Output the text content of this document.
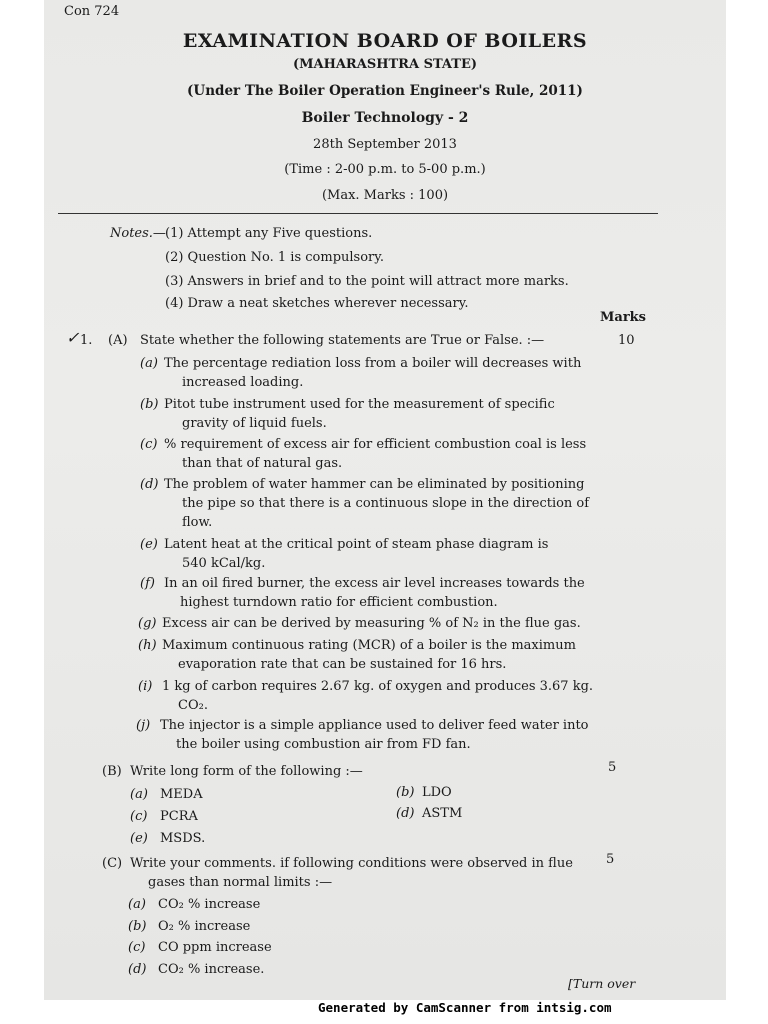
Con 724
EXAMINATION BOARD OF BOILERS
(MAHARASHTRA STATE)
(Under The Boiler Operation Engineer's Rule, 2011)
Boiler Technology - 2
28th September 2013
(Time : 2-00 p.m. to 5-00 p.m.)
(Max. Marks : 100)
Notes.— (1) Attempt any Five questions.
(2) Question No. 1 is compulsory.
(3) Answers in brief and to the point will attract more marks.
(4) Draw a neat sketches wherever necessary.
Marks
✓ 1. (A) State whether the following statements are True or False. :—	10
(a) The percentage rediation loss from a boiler will decreases with
increased loading.
(b) Pitot tube instrument used for the measurement of specific
gravity of liquid fuels.
(c) % requirement of excess air for efficient combustion coal is less
than that of natural gas.
(d) The problem of water hammer can be eliminated by positioning
the pipe so that there is a continuous slope in the direction of
flow.
(e) Latent heat at the critical point of steam phase diagram is
540 kCal/kg.
(f) In an oil fired burner, the excess air level increases towards the
highest turndown ratio for efficient combustion.
(g) Excess air can be derived by measuring % of N₂ in the flue gas.
(h) Maximum continuous rating (MCR) of a boiler is the maximum
evaporation rate that can be sustained for 16 hrs.
(i) 1 kg of carbon requires 2.67 kg. of oxygen and produces 3.67 kg.
CO₂.
(j) The injector is a simple appliance used to deliver feed water into
the boiler using combustion air from FD fan.
(B) Write long form of the following :—	5
(a) MEDA	(b) LDO
(c) PCRA	(d) ASTM
(e) MSDS.
(C) Write your comments. if following conditions were observed in flue
gases than normal limits :—
5
(a) CO₂ % increase
(b) O₂ % increase
(c) CO ppm increase
(d) CO₂ % increase.
[Turn over
Generated by CamScanner from intsig.com
